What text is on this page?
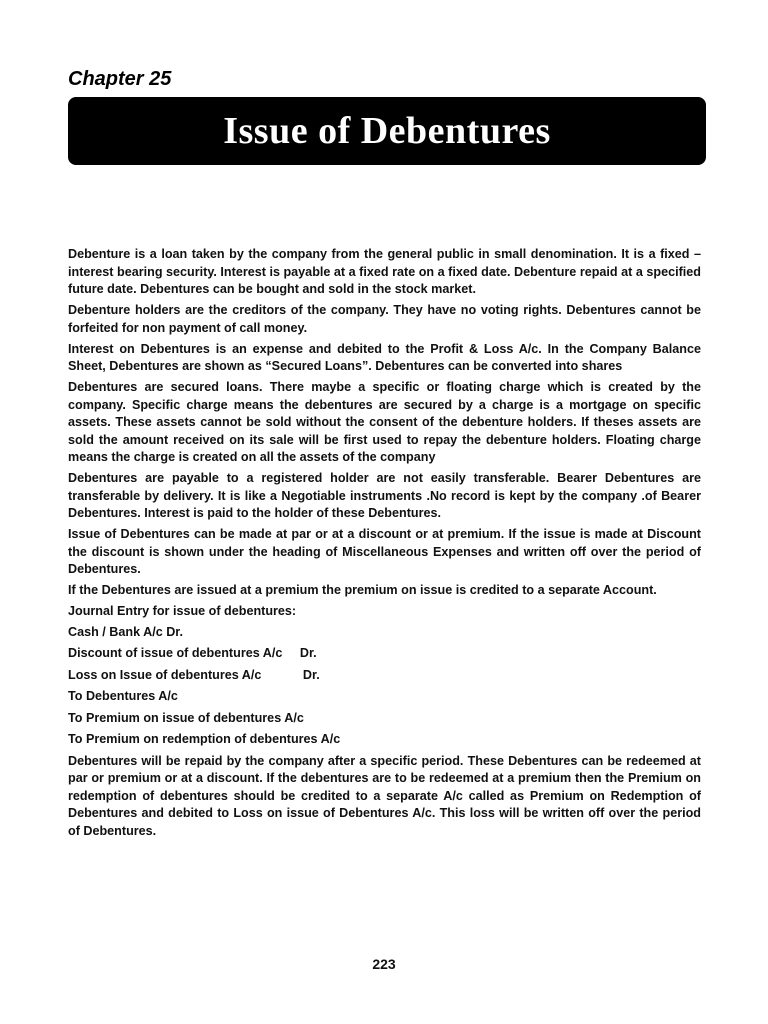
Chapter 25
Issue of Debentures

Debenture is a loan taken by the company from the general public in small denomination. It is a fixed – interest bearing security. Interest is payable at a fixed rate on a fixed date. Debenture repaid at a specified future date. Debentures can be bought and sold in the stock market.

Debenture holders are the creditors of the company. They have no voting rights. Debentures cannot be forfeited for non payment of call money.

Interest on Debentures is an expense and debited to the Profit & Loss A/c. In the Company Balance Sheet, Debentures are shown as “Secured Loans”. Debentures can be converted into shares

Debentures are secured loans. There maybe a specific or floating charge which is created by the company. Specific charge means the debentures are secured by a charge is a mortgage on specific assets. These assets cannot be sold without the consent of the debenture holders. If theses assets are sold the amount received on its sale will be first used to repay the debenture holders. Floating charge means the charge is created on all the assets of the company

Debentures are payable to a registered holder are not easily transferable. Bearer Debentures are transferable by delivery. It is like a Negotiable instruments .No record is kept by the company .of Bearer Debentures. Interest is paid to the holder of these Debentures.

Issue of Debentures can be made at par or at a discount or at premium. If the issue is made at Discount the discount is shown under the heading of Miscellaneous Expenses and written off over the period of Debentures.

If the Debentures are issued at a premium the premium on issue is credited to a separate Account.

Journal Entry for issue of debentures:
Cash / Bank A/c Dr.
Discount of issue of debentures A/c Dr.
Loss on Issue of debentures A/c	Dr.
To Debentures A/c
To Premium on issue of debentures A/c
To Premium on redemption of debentures A/c

Debentures will be repaid by the company after a specific period. These Debentures can be redeemed at par or premium or at a discount. If the debentures are to be redeemed at a premium then the Premium on redemption of debentures should be credited to a separate A/c called as Premium on Redemption of Debentures and debited to Loss on issue of Debentures A/c. This loss will be written off over the period of Debentures.

223
